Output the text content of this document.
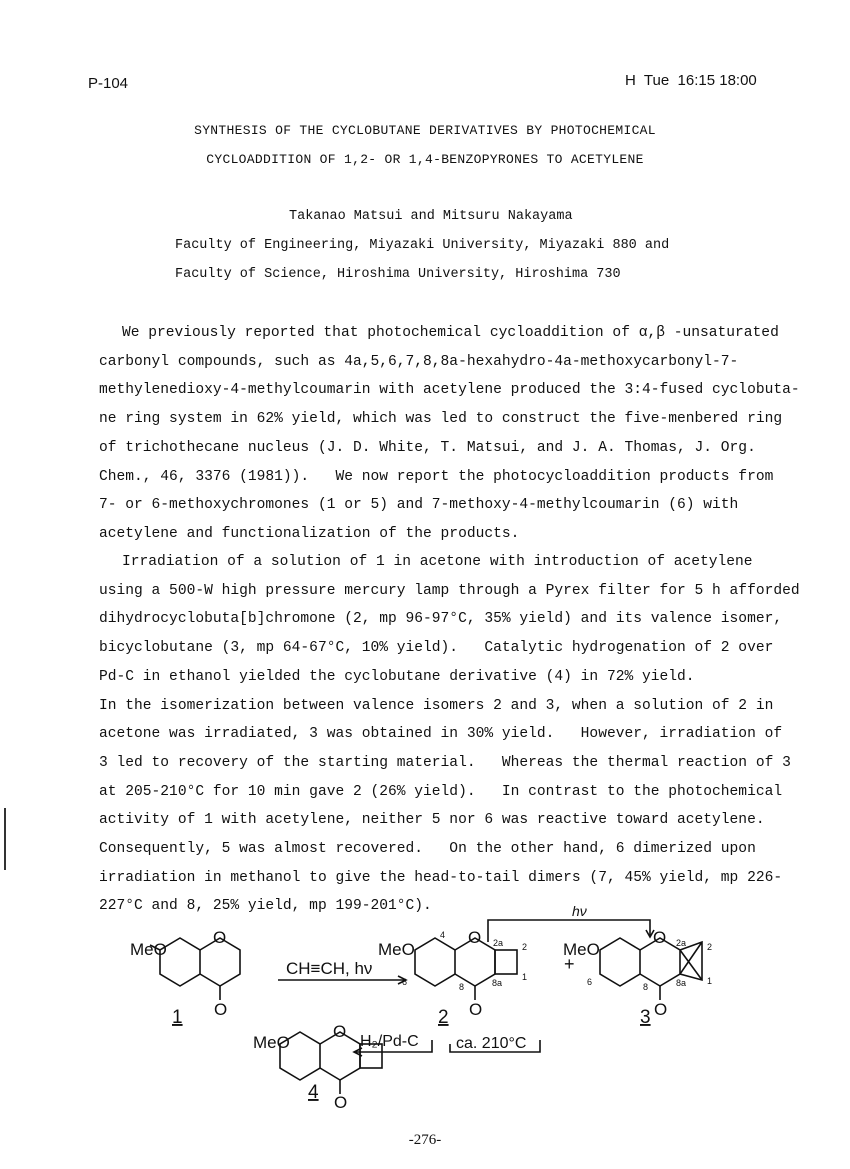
P-104	H  Tue  16:15 18:00
SYNTHESIS OF THE CYCLOBUTANE DERIVATIVES BY PHOTOCHEMICAL
CYCLOADDITION OF 1,2- OR 1,4-BENZOPYRONES TO ACETYLENE
Takanao Matsui and Mitsuru Nakayama
Faculty of Engineering, Miyazaki University, Miyazaki 880 and
Faculty of Science, Hiroshima University, Hiroshima 730
We previously reported that photochemical cycloaddition of α,β -unsaturated
carbonyl compounds, such as 4a,5,6,7,8,8a-hexahydro-4a-methoxycarbonyl-7-
methylenedioxy-4-methylcoumarin with acetylene produced the 3:4-fused cyclobuta-
ne ring system in 62% yield, which was led to construct the five-menbered ring
of trichothecane nucleus (J. D. White, T. Matsui, and J. A. Thomas, J. Org.
Chem., 46, 3376 (1981)).   We now report the photocycloaddition products from
7- or 6-methoxychromones (1 or 5) and 7-methoxy-4-methylcoumarin (6) with
acetylene and functionalization of the products.
Irradiation of a solution of 1 in acetone with introduction of acetylene
using a 500-W high pressure mercury lamp through a Pyrex filter for 5 h afforded
dihydrocyclobuta[b]chromone (2, mp 96-97°C, 35% yield) and its valence isomer,
bicyclobutane (3, mp 64-67°C, 10% yield).   Catalytic hydrogenation of 2 over
Pd-C in ethanol yielded the cyclobutane derivative (4) in 72% yield.
In the isomerization between valence isomers 2 and 3, when a solution of 2 in
acetone was irradiated, 3 was obtained in 30% yield.   However, irradiation of
3 led to recovery of the starting material.   Whereas the thermal reaction of 3
at 205-210°C for 10 min gave 2 (26% yield).   In contrast to the photochemical
activity of 1 with acetylene, neither 5 nor 6 was reactive toward acetylene.
Consequently, 5 was almost recovered.   On the other hand, 6 dimerized upon
irradiation in methanol to give the head-to-tail dimers (7, 45% yield, mp 226-
227°C and 8, 25% yield, mp 199-201°C).
MeO
O
O
1
CH≡CH, hν
MeO
O
O
4
6	8
2a 2
1
8a
2
+
hν
MeO
O
O
2a 2
1
8a
6	8
3
MeO
O
O
4
H₂/Pd-C ca. 210°C
-276-
